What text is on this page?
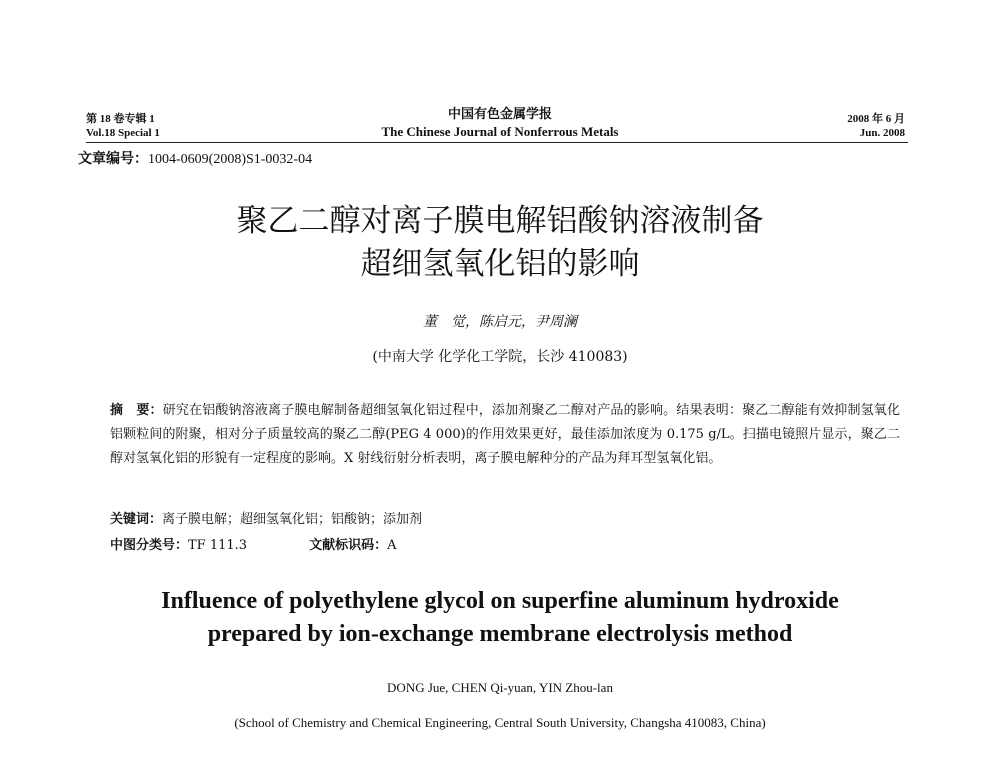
第 18 卷专辑 1
Vol.18 Special 1
中国有色金属学报
The Chinese Journal of Nonferrous Metals
2008 年 6 月
Jun. 2008
文章编号：1004-0609(2008)S1-0032-04
聚乙二醇对离子膜电解铝酸钠溶液制备
超细氢氧化铝的影响
董　觉，陈启元，尹周澜
(中南大学 化学化工学院，长沙 410083)
摘　要：研究在铝酸钠溶液离子膜电解制备超细氢氧化铝过程中，添加剂聚乙二醇对产品的影响。结果表明：聚乙二醇能有效抑制氢氧化铝颗粒间的附聚，相对分子质量较高的聚乙二醇(PEG 4 000)的作用效果更好，最佳添加浓度为 0.175 g/L。扫描电镜照片显示，聚乙二醇对氢氧化铝的形貌有一定程度的影响。X 射线衍射分析表明，离子膜电解种分的产品为拜耳型氢氧化铝。
关键词：离子膜电解；超细氢氧化铝；铝酸钠；添加剂
中图分类号：TF 111.3	文献标识码：A
Influence of polyethylene glycol on superfine aluminum hydroxide
prepared by ion-exchange membrane electrolysis method
DONG Jue, CHEN Qi-yuan, YIN Zhou-lan
(School of Chemistry and Chemical Engineering, Central South University, Changsha 410083, China)
